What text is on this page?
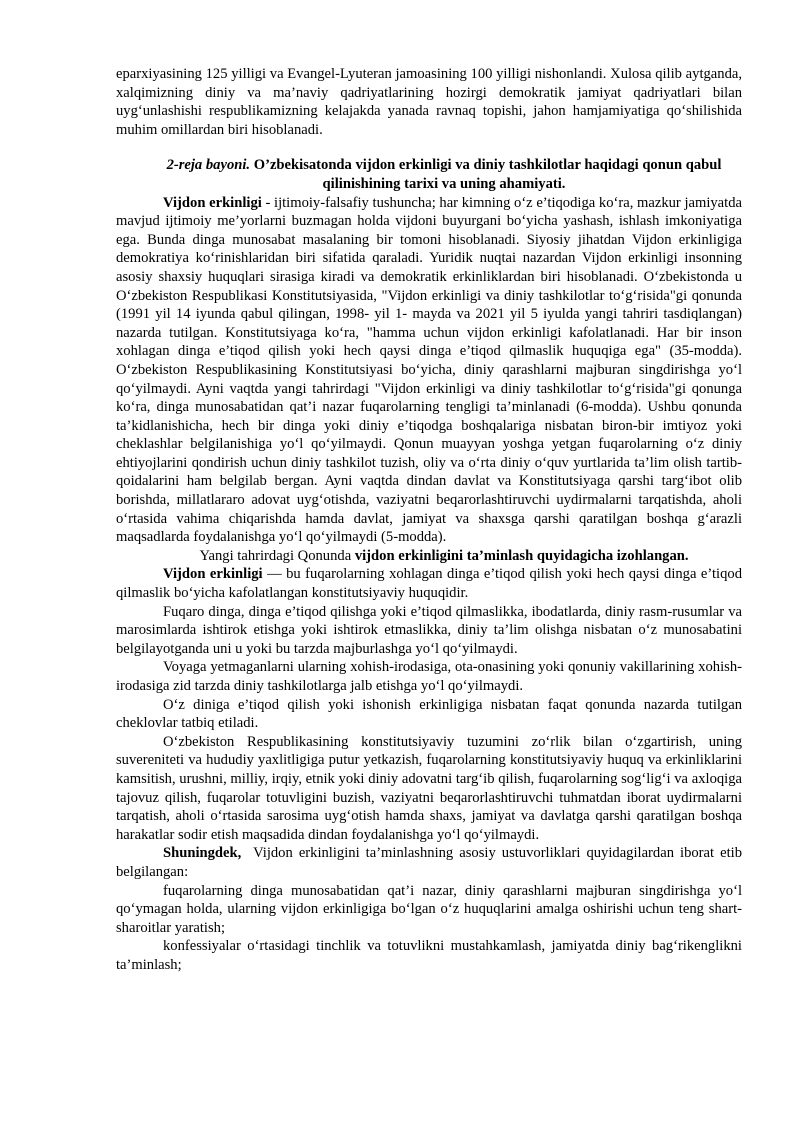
eparxiyasining 125 yilligi va Evangel-Lyuteran jamoasining 100 yilligi nishonlandi. Xulosa qilib aytganda, xalqimizning diniy va ma’naviy qadriyatlarining hozirgi demokratik jamiyat qadriyatlari bilan uyg‘unlashishi respublikamizning kelajakda yanada ravnaq topishi, jahon hamjamiyatiga qo‘shilishida muhim omillardan biri hisoblanadi.

2-reja bayoni. O’zbekisatonda vijdon erkinligi va diniy tashkilotlar haqidagi qonun qabul qilinishining tarixi va uning ahamiyati.

Vijdon erkinligi - ijtimoiy-falsafiy tushuncha; har kimning o‘z e’tiqodiga ko‘ra, mazkur jamiyatda mavjud ijtimoiy me’yorlarni buzmagan holda vijdoni buyurgani bo‘yicha yashash, ishlash imkoniyatiga ega. Bunda dinga munosabat masalaning bir tomoni hisoblanadi. Siyosiy jihatdan Vijdon erkinligiga demokratiya ko‘rinishlaridan biri sifatida qaraladi. Yuridik nuqtai nazardan Vijdon erkinligi insonning asosiy shaxsiy huquqlari sirasiga kiradi va demokratik erkinliklardan biri hisoblanadi. O‘zbekistonda u O‘zbekiston Respublikasi Konstitutsiyasida, "Vijdon erkinligi va diniy tashkilotlar to‘g‘risida"gi qonunda (1991 yil 14 iyunda qabul qilingan, 1998- yil 1- mayda va 2021 yil 5 iyulda yangi tahriri tasdiqlangan) nazarda tutilgan. Konstitutsiyaga ko‘ra, "hamma uchun vijdon erkinligi kafolatlanadi. Har bir inson xohlagan dinga e’tiqod qilish yoki hech qaysi dinga e’tiqod qilmaslik huquqiga ega" (35-modda). O‘zbekiston Respublikasining Konstitutsiyasi bo‘yicha, diniy qarashlarni majburan singdirishga yo‘l qo‘yilmaydi. Ayni vaqtda yangi tahrirdagi "Vijdon erkinligi va diniy tashkilotlar to‘g‘risida"gi qonunga ko‘ra, dinga munosabatidan qat’i nazar fuqarolarning tengligi ta’minlanadi (6-modda). Ushbu qonunda ta’kidlanishicha, hech bir dinga yoki diniy e’tiqodga boshqalariga nisbatan biron-bir imtiyoz yoki cheklashlar belgilanishiga yo‘l qo‘yilmaydi. Qonun muayyan yoshga yetgan fuqarolarning o‘z diniy ehtiyojlarini qondirish uchun diniy tashkilot tuzish, oliy va o‘rta diniy o‘quv yurtlarida ta’lim olish tartib-qoidalarini ham belgilab bergan. Ayni vaqtda dindan davlat va Konstitutsiyaga qarshi targ‘ibot olib borishda, millatlararo adovat uyg‘otishda, vaziyatni beqarorlashtiruvchi uydirmalarni tarqatishda, aholi o‘rtasida vahima chiqarishda hamda davlat, jamiyat va shaxsga qarshi qaratilgan boshqa g‘arazli maqsadlarda foydalanishga yo‘l qo‘yilmaydi (5-modda).

Yangi tahrirdagi Qonunda vijdon erkinligini ta’minlash quyidagicha izohlangan.

Vijdon erkinligi — bu fuqarolarning xohlagan dinga e’tiqod qilish yoki hech qaysi dinga e’tiqod qilmaslik bo‘yicha kafolatlangan konstitutsiyaviy huquqidir.

Fuqaro dinga, dinga e’tiqod qilishga yoki e’tiqod qilmaslikka, ibodatlarda, diniy rasm-rusumlar va marosimlarda ishtirok etishga yoki ishtirok etmaslikka, diniy ta’lim olishga nisbatan o‘z munosabatini belgilayotganda uni u yoki bu tarzda majburlashga yo‘l qo‘yilmaydi.

Voyaga yetmaganlarni ularning xohish-irodasiga, ota-onasining yoki qonuniy vakillarining xohish-irodasiga zid tarzda diniy tashkilotlarga jalb etishga yo‘l qo‘yilmaydi.

O‘z diniga e’tiqod qilish yoki ishonish erkinligiga nisbatan faqat qonunda nazarda tutilgan cheklovlar tatbiq etiladi.

O‘zbekiston Respublikasining konstitutsiyaviy tuzumini zo‘rlik bilan o‘zgartirish, uning suvereniteti va hududiy yaxlitligiga putur yetkazish, fuqarolarning konstitutsiyaviy huquq va erkinliklarini kamsitish, urushni, milliy, irqiy, etnik yoki diniy adovatni targ‘ib qilish, fuqarolarning sog‘lig‘i va axloqiga tajovuz qilish, fuqarolar totuvligini buzish, vaziyatni beqarorlashtiruvchi tuhmatdan iborat uydirmalarni tarqatish, aholi o‘rtasida sarosima uyg‘otish hamda shaxs, jamiyat va davlatga qarshi qaratilgan boshqa harakatlar sodir etish maqsadida dindan foydalanishga yo‘l qo‘yilmaydi.

Shuningdek,  Vijdon erkinligini ta’minlashning asosiy ustuvorliklari quyidagilardan iborat etib belgilangan:

fuqarolarning dinga munosabatidan qat’i nazar, diniy qarashlarni majburan singdirishga yo‘l qo‘ymagan holda, ularning vijdon erkinligiga bo‘lgan o‘z huquqlarini amalga oshirishi uchun teng shart-sharoitlar yaratish;

konfessiyalar o‘rtasidagi tinchlik va totuvlikni mustahkamlash, jamiyatda diniy bag‘rikenglikni ta’minlash;
